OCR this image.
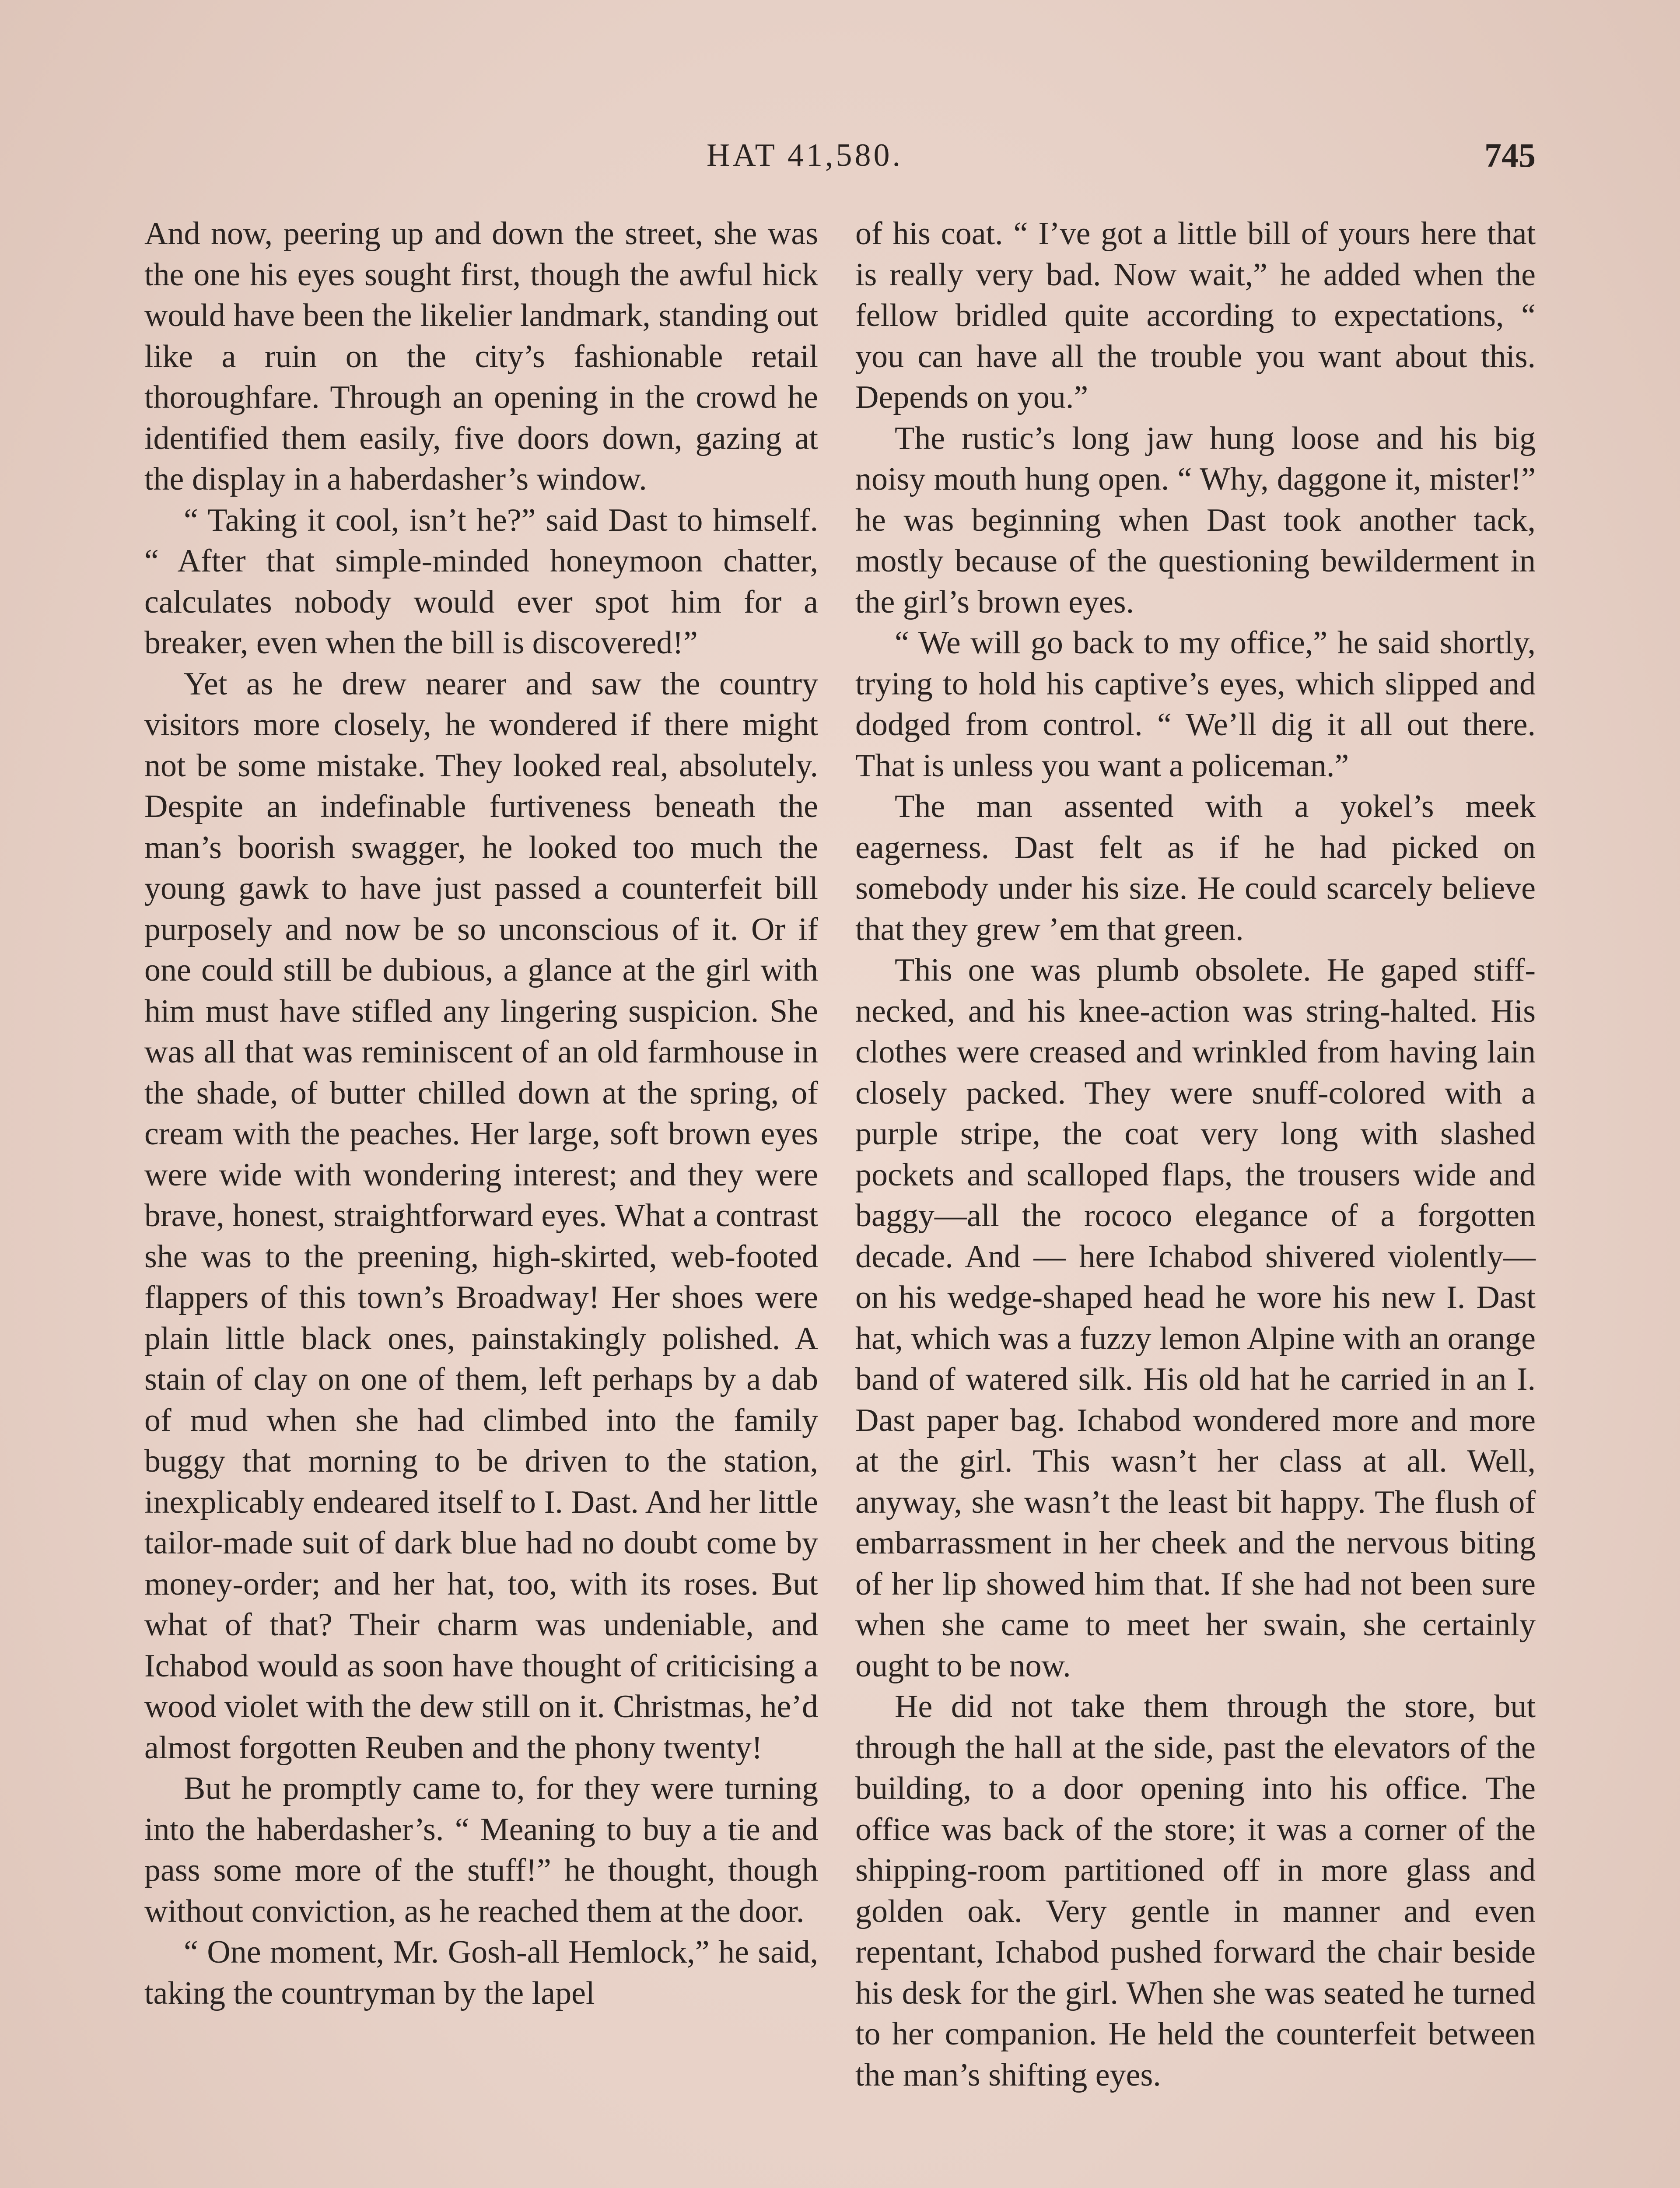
HAT 41,580.	745

And now, peering up and down the street, she was the one his eyes sought first, though the awful hick would have been the likelier landmark, standing out like a ruin on the city’s fashionable retail thoroughfare. Through an opening in the crowd he identified them easily, five doors down, gazing at the display in a haberdasher’s window.

“ Taking it cool, isn’t he?” said Dast to himself. “ After that simple-minded honeymoon chatter, calculates nobody would ever spot him for a breaker, even when the bill is discovered!”

Yet as he drew nearer and saw the country visitors more closely, he wondered if there might not be some mistake. They looked real, absolutely. Despite an indefinable furtiveness beneath the man’s boorish swagger, he looked too much the young gawk to have just passed a counterfeit bill purposely and now be so unconscious of it. Or if one could still be dubious, a glance at the girl with him must have stifled any lingering suspicion. She was all that was reminiscent of an old farmhouse in the shade, of butter chilled down at the spring, of cream with the peaches. Her large, soft brown eyes were wide with wondering interest; and they were brave, honest, straightforward eyes. What a contrast she was to the preening, high-skirted, web-footed flappers of this town’s Broadway! Her shoes were plain little black ones, painstakingly polished. A stain of clay on one of them, left perhaps by a dab of mud when she had climbed into the family buggy that morning to be driven to the station, inexplicably endeared itself to I. Dast. And her little tailor-made suit of dark blue had no doubt come by money-order; and her hat, too, with its roses. But what of that? Their charm was undeniable, and Ichabod would as soon have thought of criticising a wood violet with the dew still on it. Christmas, he’d almost forgotten Reuben and the phony twenty!

But he promptly came to, for they were turning into the haberdasher’s. “ Meaning to buy a tie and pass some more of the stuff!” he thought, though without conviction, as he reached them at the door.

“ One moment, Mr. Gosh-all Hemlock,” he said, taking the countryman by the lapel

of his coat. “ I’ve got a little bill of yours here that is really very bad. Now wait,” he added when the fellow bridled quite according to expectations, “ you can have all the trouble you want about this. Depends on you.”

The rustic’s long jaw hung loose and his big noisy mouth hung open. “ Why, daggone it, mister!” he was beginning when Dast took another tack, mostly because of the questioning bewilderment in the girl’s brown eyes.

“ We will go back to my office,” he said shortly, trying to hold his captive’s eyes, which slipped and dodged from control. “ We’ll dig it all out there. That is unless you want a policeman.”

The man assented with a yokel’s meek eagerness. Dast felt as if he had picked on somebody under his size. He could scarcely believe that they grew ’em that green.

This one was plumb obsolete. He gaped stiff-necked, and his knee-action was string-halted. His clothes were creased and wrinkled from having lain closely packed. They were snuff-colored with a purple stripe, the coat very long with slashed pockets and scalloped flaps, the trousers wide and baggy—all the rococo elegance of a forgotten decade. And — here Ichabod shivered violently—on his wedge-shaped head he wore his new I. Dast hat, which was a fuzzy lemon Alpine with an orange band of watered silk. His old hat he carried in an I. Dast paper bag. Ichabod wondered more and more at the girl. This wasn’t her class at all. Well, anyway, she wasn’t the least bit happy. The flush of embarrassment in her cheek and the nervous biting of her lip showed him that. If she had not been sure when she came to meet her swain, she certainly ought to be now.

He did not take them through the store, but through the hall at the side, past the elevators of the building, to a door opening into his office. The office was back of the store; it was a corner of the shipping-room partitioned off in more glass and golden oak. Very gentle in manner and even repentant, Ichabod pushed forward the chair beside his desk for the girl. When she was seated he turned to her companion. He held the counterfeit between the man’s shifting eyes.
